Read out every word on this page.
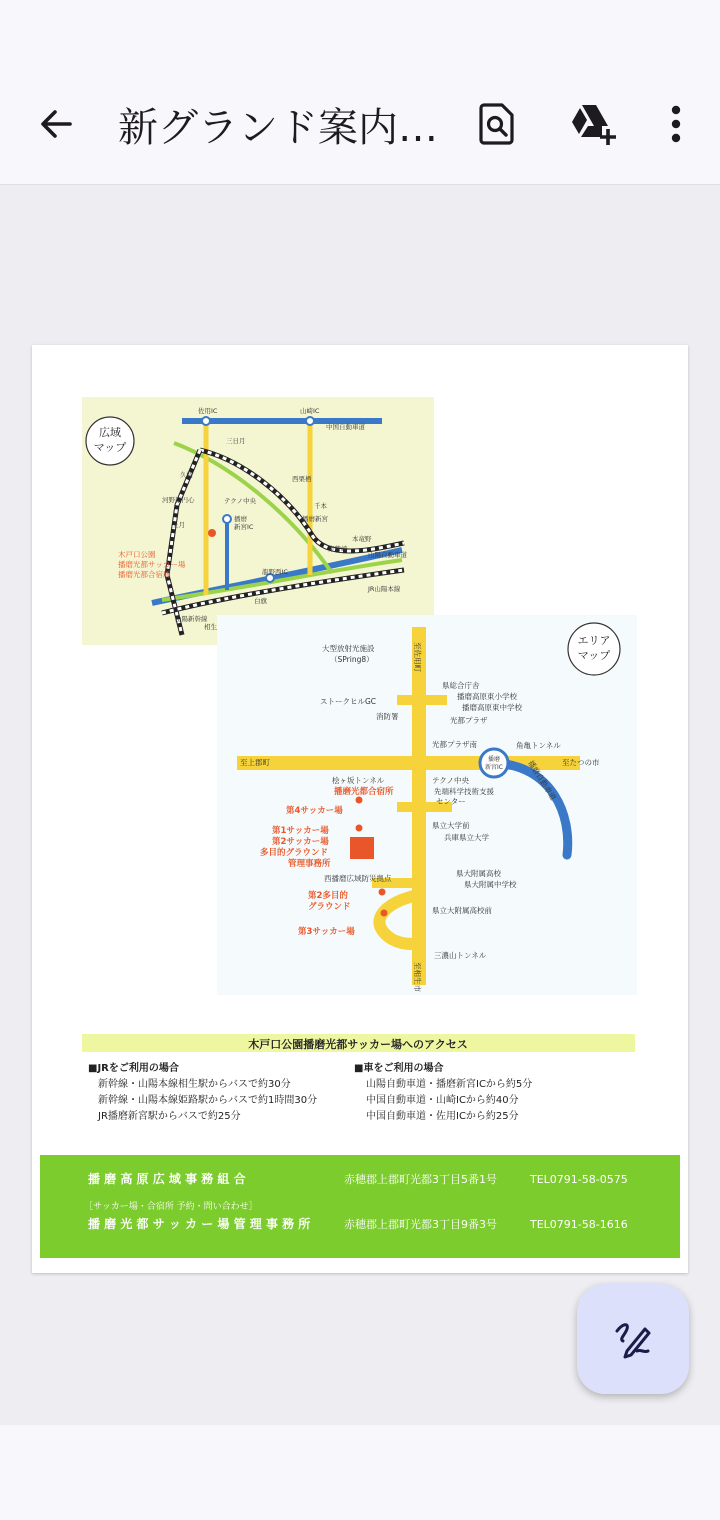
新グランド案内…
広域
マップ
佐用IC	山崎IC
中国自動車道
三日月
久崎
河野原円心
上月
テクノ中央
播磨
新宮IC
西栗栖
千本
播磨新宮
東觜崎
本竜野
龍野西IC
山陽自動車道
JR山陽本線
山陽新幹線
相生
白旗
木戸口公園
播磨光都サッカー場
播磨光都合宿所
播磨
新宮IC
エリア
マップ
至佐用町
至上郡町	至たつの市
至相生市
大型放射光施設
（SPring8）
県総合庁舎
播磨高原東小学校
播磨高原東中学校
ストークヒルGC
消防署	光都プラザ
光都プラザ南	角亀トンネル
桧ヶ坂トンネル	テクノ中央
先端科学技術支援
センター
県立大学前
兵庫県立大学
県大附属高校
県大附属中学校
西播磨広域防災拠点
県立大附属高校前
三濃山トンネル
播磨自動車道
播磨光都合宿所
第4サッカー場
第1サッカー場
第2サッカー場
多目的グラウンド
管理事務所
第2多目的
グラウンド
第3サッカー場
木戸口公園播磨光都サッカー場へのアクセス
■JRをご利用の場合
新幹線・山陽本線相生駅からバスで約30分
新幹線・山陽本線姫路駅からバスで約1時間30分
JR播磨新宮駅からバスで約25分
■車をご利用の場合
山陽自動車道・播磨新宮ICから約5分
中国自動車道・山崎ICから約40分
中国自動車道・佐用ICから約25分
播 磨 高 原 広 域 事 務 組 合	赤穂郡上郡町光都3丁目5番1号	TEL0791-58-0575
［サッカー場・合宿所 予約・問い合わせ］
播 磨 光 都 サ ッ カ ー 場 管 理 事 務 所	赤穂郡上郡町光都3丁目9番3号	TEL0791-58-1616
